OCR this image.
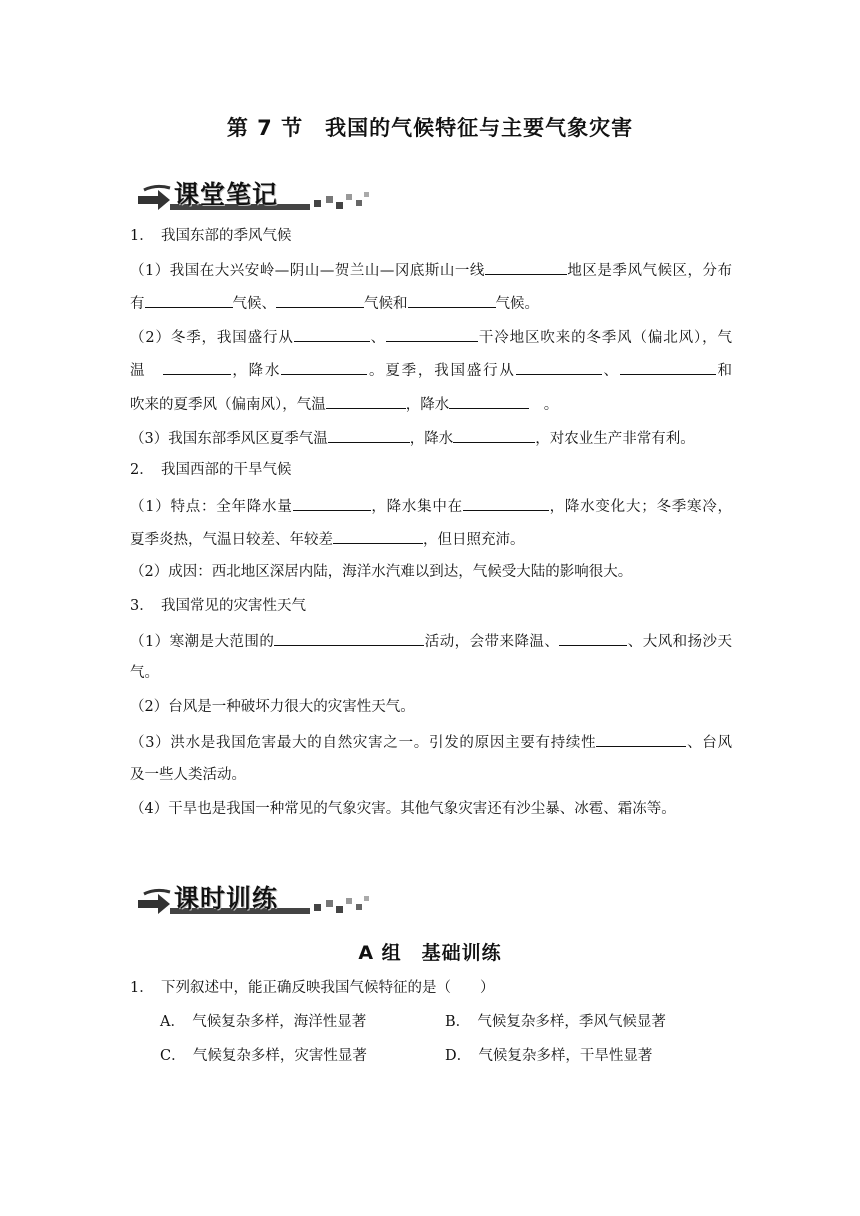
第 7 节　我国的气候特征与主要气象灾害
课堂笔记
1．　我国东部的季风气候
（1）我国在大兴安岭—阴山—贺兰山—冈底斯山一线	地区是季风气候区，分布
有	气候、	气候和	气候。
（2）冬季，我国盛行从	、	干冷地区吹来的冬季风（偏北风），气
温　	，降水	。夏季，我国盛行从	、	和
吹来的夏季风（偏南风），气温	，降水　	。
（3）我国东部季风区夏季气温	，降水	，对农业生产非常有利。
2．　我国西部的干旱气候
（1）特点：全年降水量	，降水集中在	，降水变化大；冬季寒冷，
夏季炎热，气温日较差、年较差	，但日照充沛。
（2）成因：西北地区深居内陆，海洋水汽难以到达，气候受大陆的影响很大。
3．　我国常见的灾害性天气
（1）寒潮是大范围的	活动，会带来降温、	、大风和扬沙天
气。
（2）台风是一种破坏力很大的灾害性天气。
（3）洪水是我国危害最大的自然灾害之一。引发的原因主要有持续性	、台风
及一些人类活动。
（4）干旱也是我国一种常见的气象灾害。其他气象灾害还有沙尘暴、冰雹、霜冻等。
课时训练
A 组　基础训练
1．　下列叙述中，能正确反映我国气候特征的是（　　）
A．　 气候复杂多样，海洋性显著	B．　 气候复杂多样，季风气候显著
C．　 气候复杂多样，灾害性显著	D．　 气候复杂多样，干旱性显著
